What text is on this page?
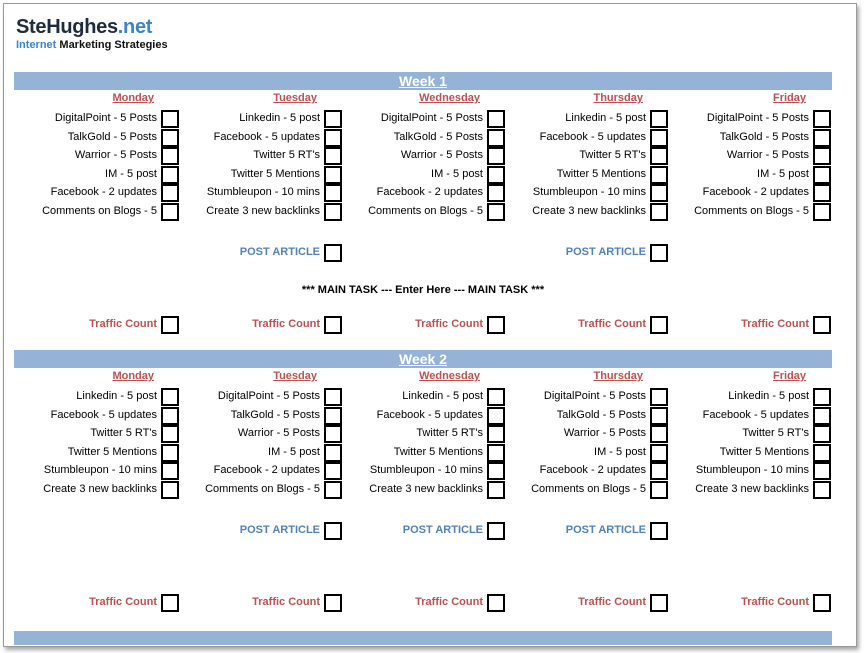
SteHughes.net
Internet Marketing Strategies
Week 1
Monday
DigitalPoint - 5 Posts
TalkGold - 5 Posts
Warrior - 5 Posts
IM - 5 post
Facebook - 2 updates
Comments on Blogs - 5
Traffic Count
Tuesday
Linkedin - 5 post
Facebook - 5 updates
Twitter 5 RT's
Twitter 5 Mentions
Stumbleupon - 10 mins
Create 3 new backlinks
POST ARTICLE
Traffic Count
Wednesday
DigitalPoint - 5 Posts
TalkGold - 5 Posts
Warrior - 5 Posts
IM - 5 post
Facebook - 2 updates
Comments on Blogs - 5
Traffic Count
Thursday
Linkedin - 5 post
Facebook - 5 updates
Twitter 5 RT's
Twitter 5 Mentions
Stumbleupon - 10 mins
Create 3 new backlinks
POST ARTICLE
Traffic Count
Friday
DigitalPoint - 5 Posts
TalkGold - 5 Posts
Warrior - 5 Posts
IM - 5 post
Facebook - 2 updates
Comments on Blogs - 5
Traffic Count
*** MAIN TASK --- Enter Here --- MAIN TASK ***
Week 2
Monday
Linkedin - 5 post
Facebook - 5 updates
Twitter 5 RT's
Twitter 5 Mentions
Stumbleupon - 10 mins
Create 3 new backlinks
Traffic Count
Tuesday
DigitalPoint - 5 Posts
TalkGold - 5 Posts
Warrior - 5 Posts
IM - 5 post
Facebook - 2 updates
Comments on Blogs - 5
POST ARTICLE
Traffic Count
Wednesday
Linkedin - 5 post
Facebook - 5 updates
Twitter 5 RT's
Twitter 5 Mentions
Stumbleupon - 10 mins
Create 3 new backlinks
POST ARTICLE
Traffic Count
Thursday
DigitalPoint - 5 Posts
TalkGold - 5 Posts
Warrior - 5 Posts
IM - 5 post
Facebook - 2 updates
Comments on Blogs - 5
POST ARTICLE
Traffic Count
Friday
Linkedin - 5 post
Facebook - 5 updates
Twitter 5 RT's
Twitter 5 Mentions
Stumbleupon - 10 mins
Create 3 new backlinks
Traffic Count
